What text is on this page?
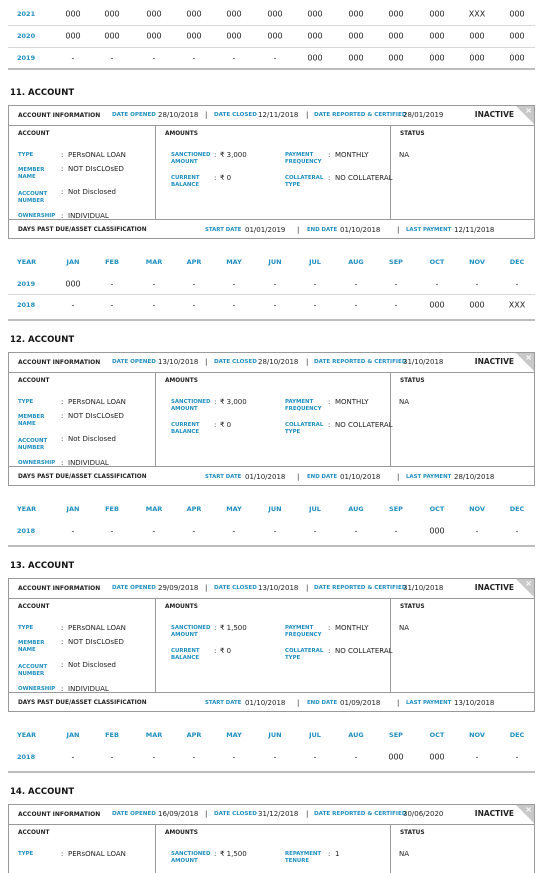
2021	000	000	000	000	000	000	000	000	000	000	XXX	000
2020	000	000	000	000	000	000	000	000	000	000	000	000
2019	-	-	-	-	-	-	000	000	000	000	000	000
11. ACCOUNT
ACCOUNT INFORMATION DATE OPENED 28/10/2018 | DATE CLOSED 12/11/2018 | DATE REPORTED & CERTIFIED
28/01/2019	INACTIVE ×
ACCOUNT
TYPE	: PERsONAL LOAN
MEMBER NAME
: NOT DIsCLOsED
ACCOUNT NUMBER
: Not Disclosed
OWNERSHIP : INDIVIDUAL
AMOUNTS
SANCTIONED AMOUNT
: ₹ 3,000
CURRENT BALANCE
: ₹ 0
PAYMENT FREQUENCY
: MONTHLY
COLLATERAL TYPE
: NO COLLATERAL
STATUS
NA
DAYS PAST DUE/ASSET CLASSIFICATION	START DATE 01/01/2019 | END DATE 01/10/2018 | LAST PAYMENT 12/11/2018
YEAR	JAN	FEB	MAR	APR	MAY	JUN	JUL	AUG	SEP	OCT	NOV	DEC
2019	000	-	-	-	-	-	-	-	-	-	-	-
2018	-	-	-	-	-	-	-	-	-	000	000	XXX
12. ACCOUNT
ACCOUNT INFORMATION DATE OPENED 13/10/2018 | DATE CLOSED 28/10/2018 | DATE REPORTED & CERTIFIED
31/10/2018	INACTIVE ×
ACCOUNT
TYPE	: PERsONAL LOAN
MEMBER NAME
: NOT DIsCLOsED
ACCOUNT NUMBER
: Not Disclosed
OWNERSHIP : INDIVIDUAL
AMOUNTS
SANCTIONED AMOUNT
: ₹ 3,000
CURRENT BALANCE
: ₹ 0
PAYMENT FREQUENCY
: MONTHLY
COLLATERAL TYPE
: NO COLLATERAL
STATUS
NA
DAYS PAST DUE/ASSET CLASSIFICATION	START DATE 01/10/2018 | END DATE 01/10/2018 | LAST PAYMENT 28/10/2018
YEAR	JAN	FEB	MAR	APR	MAY	JUN	JUL	AUG	SEP	OCT	NOV	DEC
2018	-	-	-	-	-	-	-	-	-	000	-	-
13. ACCOUNT
ACCOUNT INFORMATION DATE OPENED 29/09/2018 | DATE CLOSED 13/10/2018 | DATE REPORTED & CERTIFIED
31/10/2018	INACTIVE ×
ACCOUNT
TYPE	: PERsONAL LOAN
MEMBER NAME
: NOT DIsCLOsED
ACCOUNT NUMBER
: Not Disclosed
OWNERSHIP : INDIVIDUAL
AMOUNTS
SANCTIONED AMOUNT
: ₹ 1,500
CURRENT BALANCE
: ₹ 0
PAYMENT FREQUENCY
: MONTHLY
COLLATERAL TYPE
: NO COLLATERAL
STATUS
NA
DAYS PAST DUE/ASSET CLASSIFICATION	START DATE 01/10/2018 | END DATE 01/09/2018 | LAST PAYMENT 13/10/2018
YEAR	JAN	FEB	MAR	APR	MAY	JUN	JUL	AUG	SEP	OCT	NOV	DEC
2018	-	-	-	-	-	-	-	-	000	000	-	-
14. ACCOUNT
ACCOUNT INFORMATION DATE OPENED 16/09/2018 | DATE CLOSED 31/12/2018 | DATE REPORTED & CERTIFIED
30/06/2020	INACTIVE ×
ACCOUNT
TYPE	: PERsONAL LOAN
AMOUNTS
SANCTIONED AMOUNT
: ₹ 1,500	REPAYMENT TENURE
: 1
STATUS
NA
